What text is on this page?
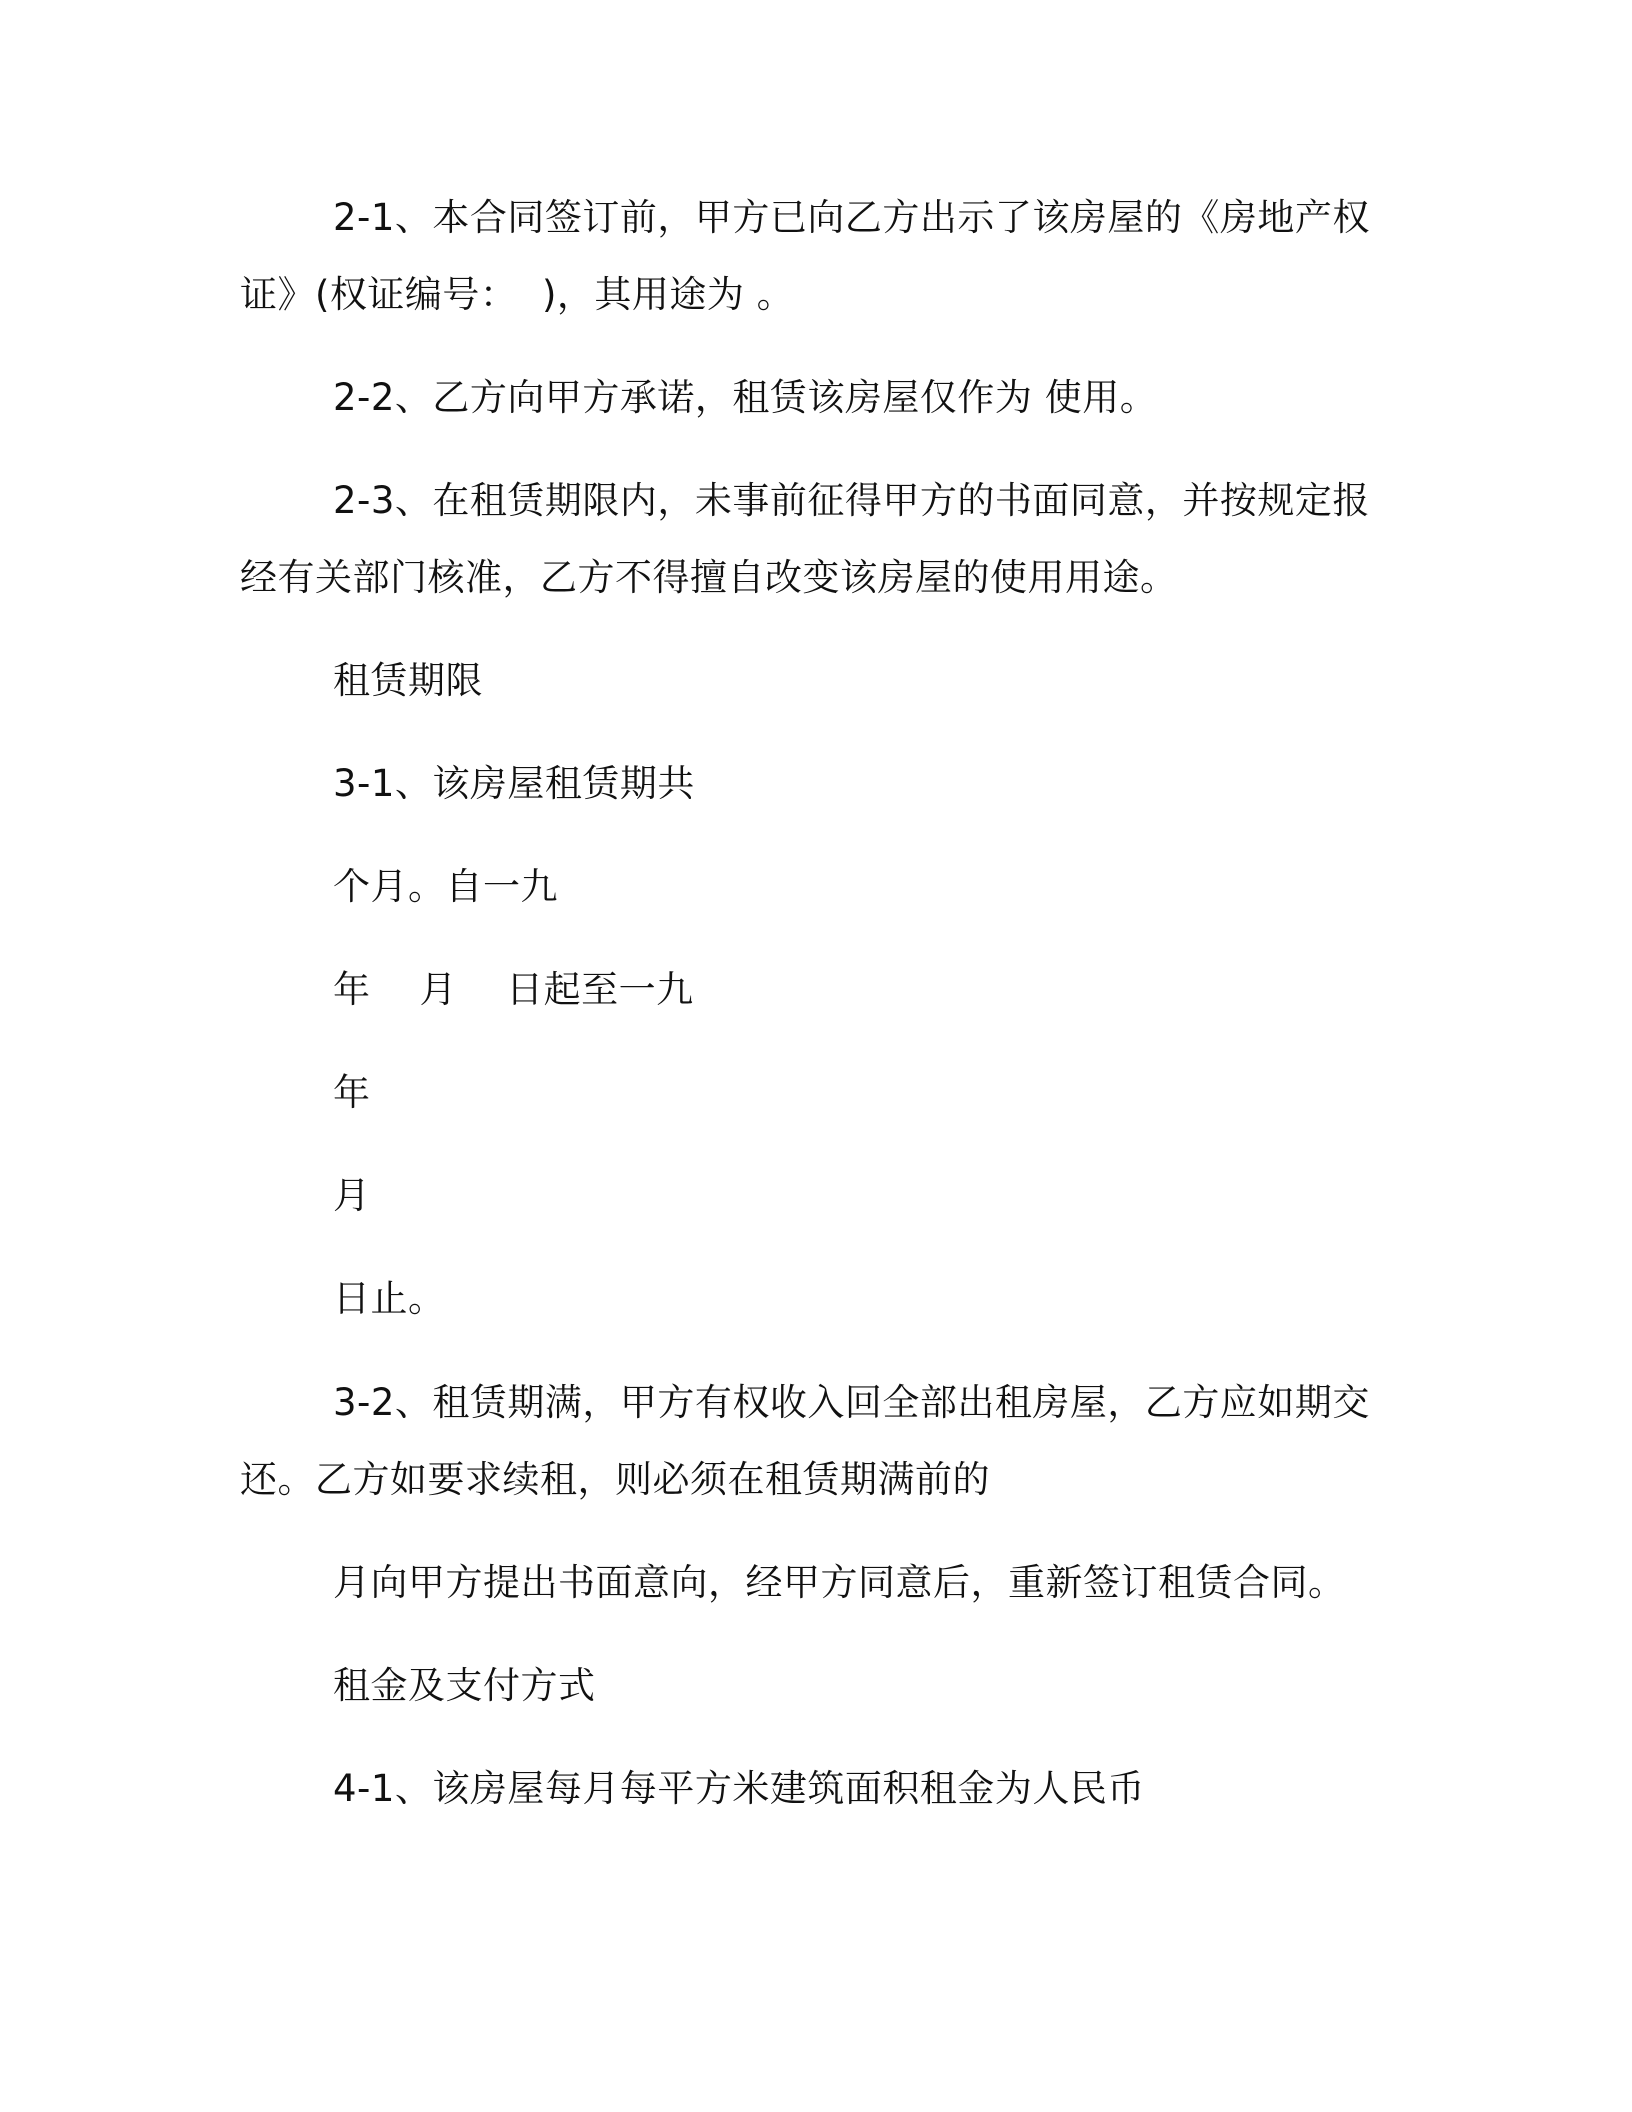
2-1、本合同签订前，甲方已向乙方出示了该房屋的《房地产权
证》(权证编号：  )，其用途为 。
2-2、乙方向甲方承诺，租赁该房屋仅作为 使用。
2-3、在租赁期限内，未事前征得甲方的书面同意，并按规定报
经有关部门核准，乙方不得擅自改变该房屋的使用用途。
租赁期限
3-1、该房屋租赁期共
个月。自一九
年    月    日起至一九
年
月
日止。
3-2、租赁期满，甲方有权收入回全部出租房屋，乙方应如期交
还。乙方如要求续租，则必须在租赁期满前的
月向甲方提出书面意向，经甲方同意后，重新签订租赁合同。
租金及支付方式
4-1、该房屋每月每平方米建筑面积租金为人民币
